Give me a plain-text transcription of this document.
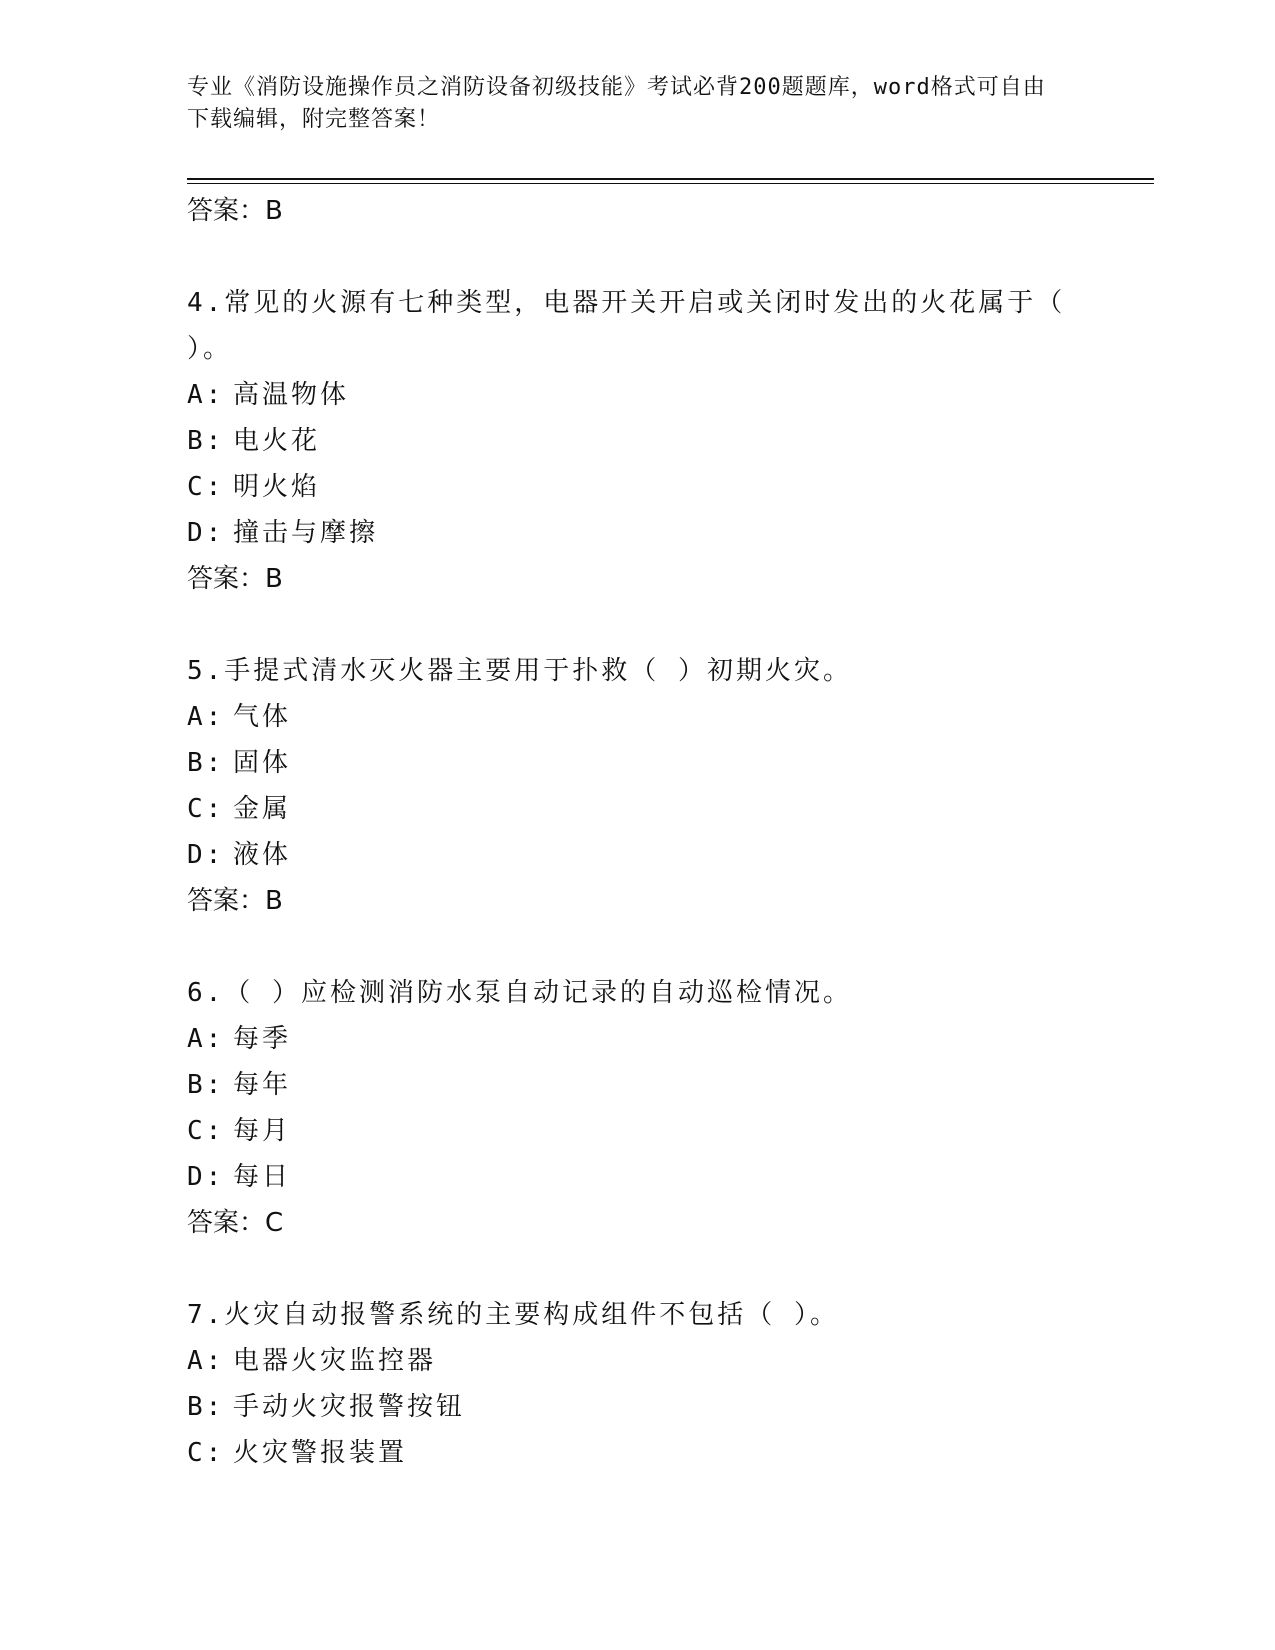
专业《消防设施操作员之消防设备初级技能》考试必背200题题库，word格式可自由下载编辑，附完整答案！
答案：B
4.常见的火源有七种类型，电器开关开启或关闭时发出的火花属于（ ）。
A: 高温物体
B: 电火花
C: 明火焰
D: 撞击与摩擦
答案：B
5.手提式清水灭火器主要用于扑救（ ）初期火灾。
A: 气体
B: 固体
C: 金属
D: 液体
答案：B
6.（ ）应检测消防水泵自动记录的自动巡检情况。
A: 每季
B: 每年
C: 每月
D: 每日
答案：C
7.火灾自动报警系统的主要构成组件不包括（ ）。
A: 电器火灾监控器
B: 手动火灾报警按钮
C: 火灾警报装置
